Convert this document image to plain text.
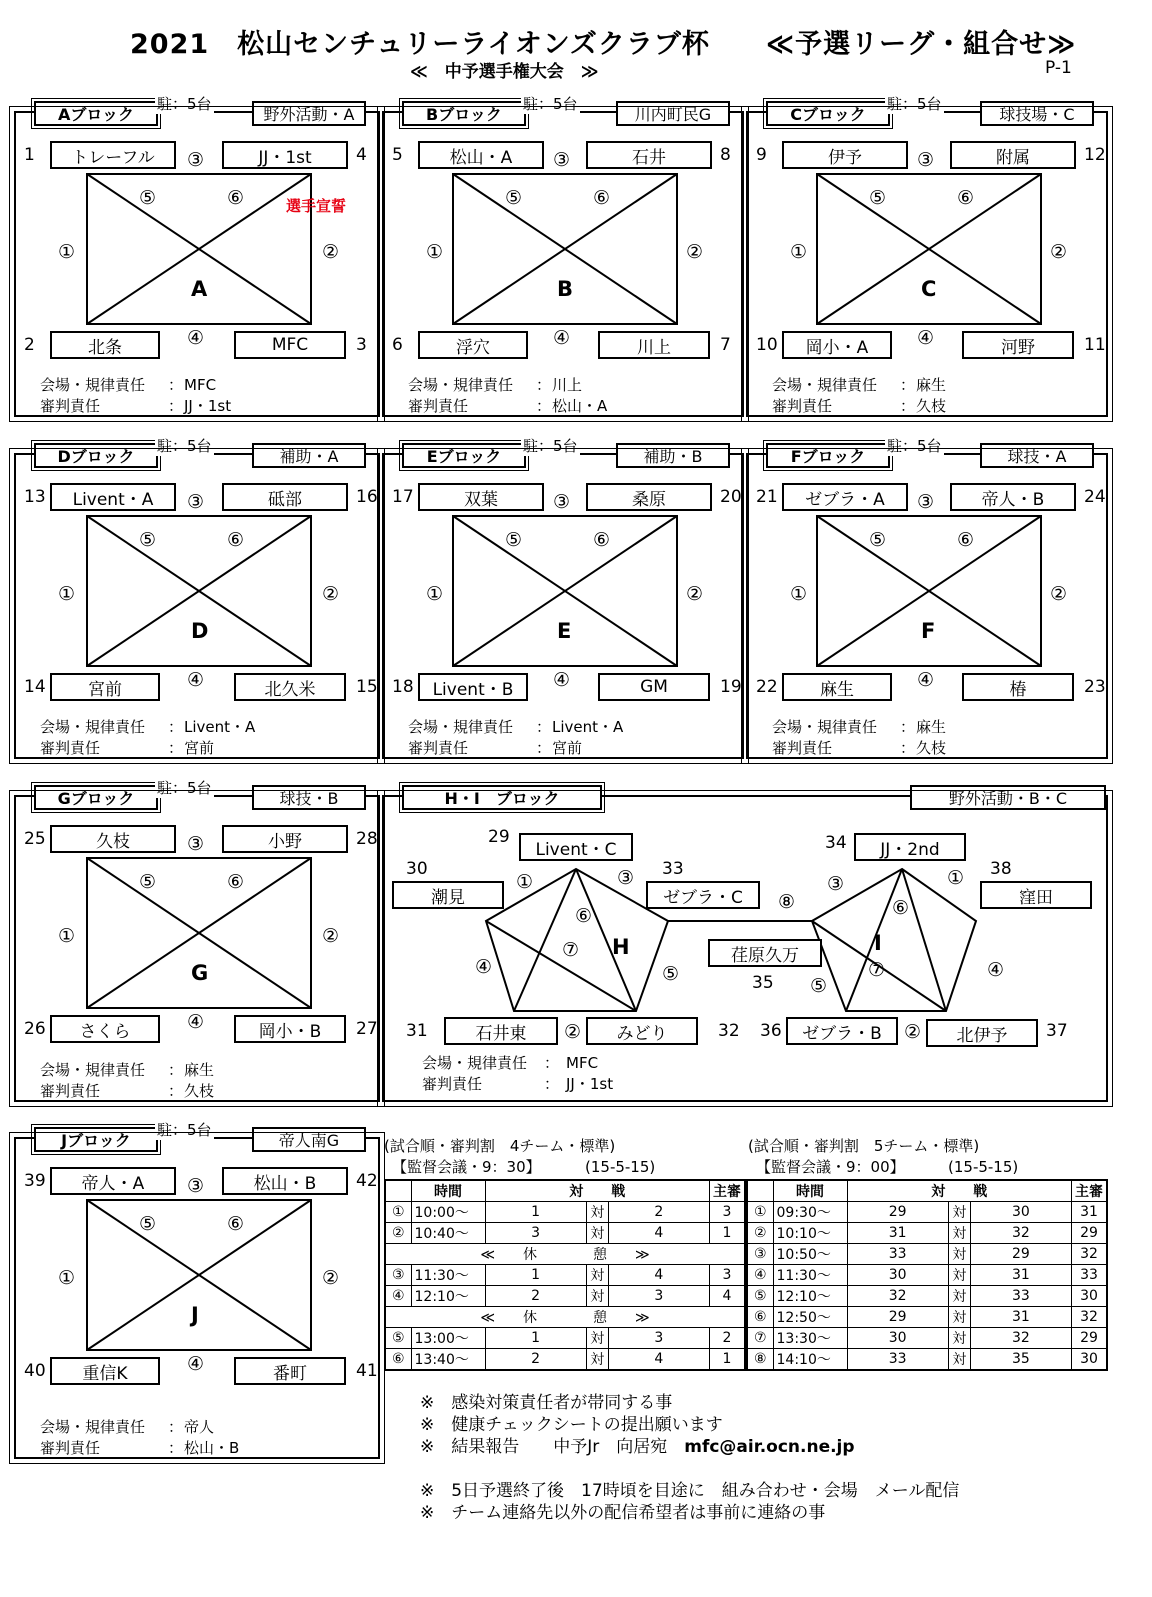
2021　松山センチュリーライオンズクラブ杯　　≪予選リーグ・組合せ≫
≪　中予選手権大会　≫	P-1
Aブロック
駐：5台
野外活動・A
1	トレーフル	③	JJ・1st	4
⑤	⑥
①	②
A
2	北条	④	MFC	3
会場・規律責任 ： MFC
審判責任	： JJ・1st
選手宣誓
Bブロック
駐：5台
川内町民G
5	松山・A	③	石井	8
⑤	⑥
①	②
B
6	浮穴	④	川上	7
会場・規律責任 ： 川上
審判責任	： 松山・A
Cブロック
駐：5台
球技場・C
9	伊予	③	附属	12
⑤	⑥
①	②
C
10	岡小・A	④	河野	11
会場・規律責任 ： 麻生
審判責任	： 久枝
Dブロック
駐：5台
補助・A
13	Livent・A	③	砥部	16
⑤	⑥
①	②
D
14	宮前	④	北久米	15
会場・規律責任 ： Livent・A
審判責任	： 宮前
Eブロック
駐：5台
補助・B
17	双葉	③	桑原	20
⑤	⑥
①	②
E
18	Livent・B	④	GM	19
会場・規律責任 ： Livent・A
審判責任	： 宮前
Fブロック
駐：5台
球技・A
21	ゼブラ・A	③	帝人・B	24
⑤	⑥
①	②
F
22	麻生	④	椿	23
会場・規律責任 ： 麻生
審判責任	： 久枝
Gブロック
駐：5台
球技・B
25	久枝	③	小野	28
⑤	⑥
①	②
G
26	さくら	④	岡小・B	27
会場・規律責任 ： 麻生
審判責任	： 久枝
Jブロック
駐：5台
帝人南G
39	帝人・A	③	松山・B	42
⑤	⑥
①	②
J
40	重信K	④	番町	41
会場・規律責任 ： 帝人
審判責任	： 松山・B
H・I　ブロック	野外活動・B・C
Livent・C
29
潮見
30
石井東
31	みどり	32
ゼブラ・C
33
JJ・2nd
34
荏原久万
35
ゼブラ・B
36	北伊予	37
窪田
38
①	③
⑥
⑦
④	⑤
②
H
⑧
③	①
⑥
⑦	④
⑤
②
I
会場・規律責任 ： MFC
審判責任	： JJ・1st
(試合順・審判割　4チーム・標準)
【監督会議・9：30】	(15-5-15)
(試合順・審判割　5チーム・標準)
【監督会議・9：00】	(15-5-15)
	時間	対　　戦			主審
①	10:00～	1	対	2	3
②	10:40～	3	対	4	1
≪　　休　　　　憩　　≫					
③	11:30～	1	対	4	3
④	12:10～	2	対	3	4
≪　　休　　　　憩　　≫					
⑤	13:00～	1	対	3	2
⑥	13:40～	2	対	4	1
	時間	対　　戦			主審
①	09:30～	29	対	30	31
②	10:10～	31	対	32	29
③	10:50～	33	対	29	32
④	11:30～	30	対	31	33
⑤	12:10～	32	対	33	30
⑥	12:50～	29	対	31	32
⑦	13:30～	30	対	32	29
⑧	14:10～	33	対	35	30
※　感染対策責任者が帯同する事
※　健康チェックシートの提出願います
※　結果報告　　中予Jr　向居宛　mfc@air.ocn.ne.jp
※　5日予選終了後　17時頃を目途に　組み合わせ・会場　メール配信
※　チーム連絡先以外の配信希望者は事前に連絡の事
